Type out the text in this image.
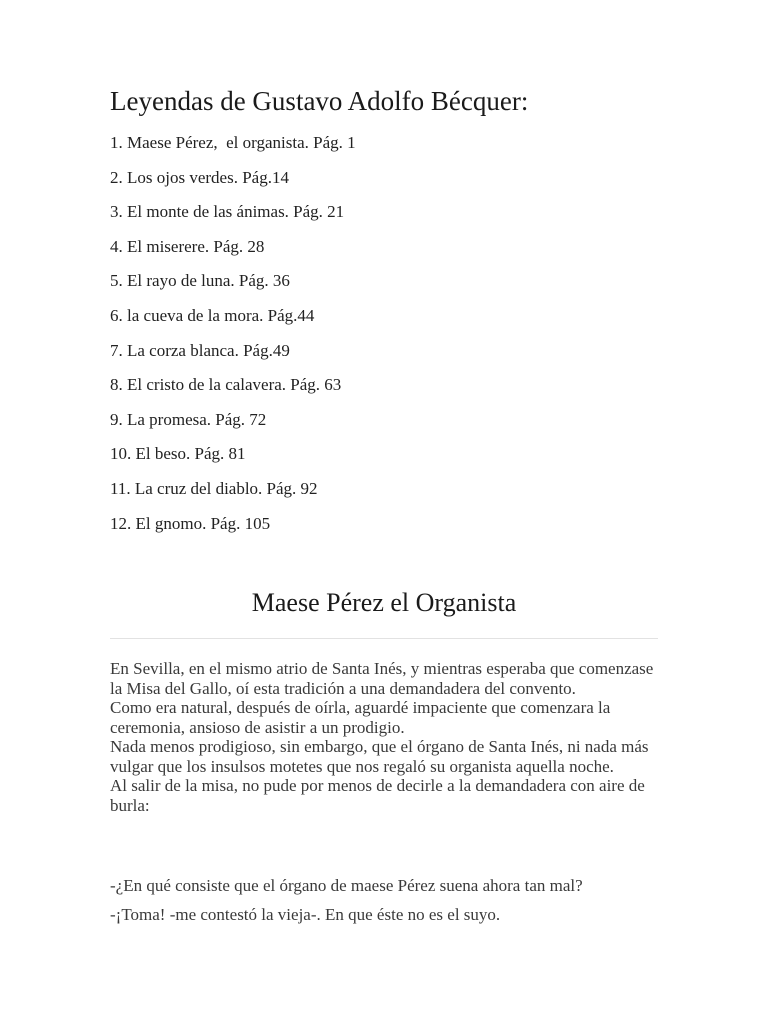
Leyendas de Gustavo Adolfo Bécquer:
1. Maese Pérez,  el organista. Pág. 1
2. Los ojos verdes. Pág.14
3. El monte de las ánimas. Pág. 21
4. El miserere. Pág. 28
5. El rayo de luna. Pág. 36
6. la cueva de la mora. Pág.44
7. La corza blanca. Pág.49
8. El cristo de la calavera. Pág. 63
9. La promesa. Pág. 72
10. El beso. Pág. 81
11. La cruz del diablo. Pág. 92
12. El gnomo. Pág. 105
Maese Pérez el Organista

En Sevilla, en el mismo atrio de Santa Inés, y mientras esperaba que comenzase la Misa del Gallo, oí esta tradición a una demandadera del convento.
Como era natural, después de oírla, aguardé impaciente que comenzara la ceremonia, ansioso de asistir a un prodigio.
Nada menos prodigioso, sin embargo, que el órgano de Santa Inés, ni nada más vulgar que los insulsos motetes que nos regaló su organista aquella noche.
Al salir de la misa, no pude por menos de decirle a la demandadera con aire de burla:

-¿En qué consiste que el órgano de maese Pérez suena ahora tan mal?

-¡Toma! -me contestó la vieja-. En que éste no es el suyo.
